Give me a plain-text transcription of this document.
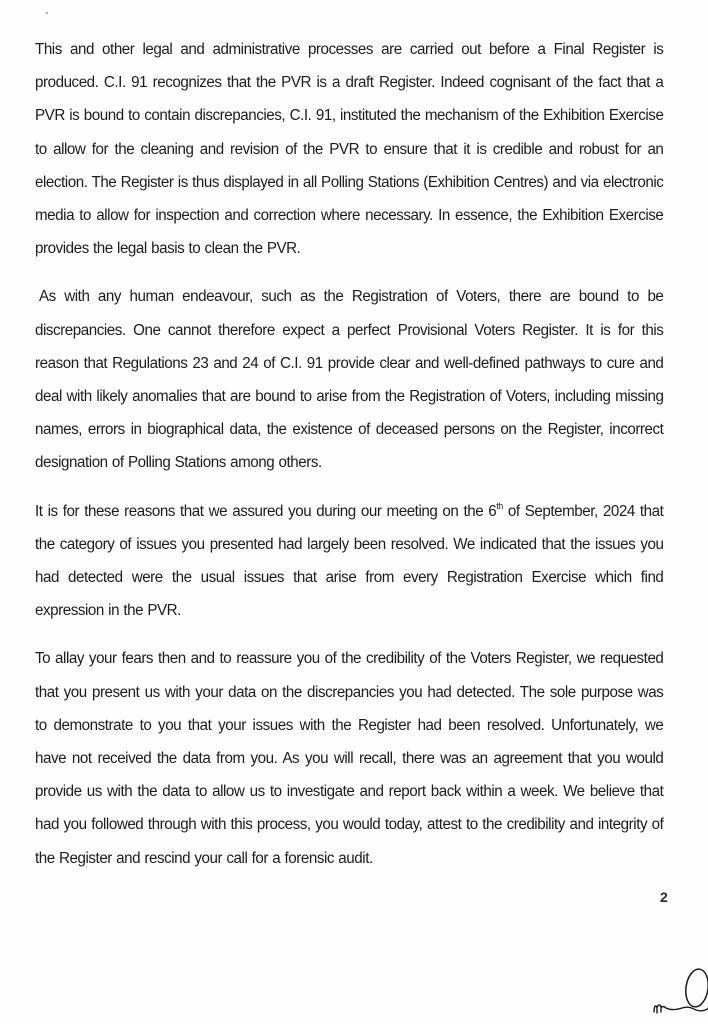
This and other legal and administrative processes are carried out before a Final Register is produced. C.I. 91 recognizes that the PVR is a draft Register. Indeed cognisant of the fact that a PVR is bound to contain discrepancies, C.I. 91, instituted the mechanism of the Exhibition Exercise to allow for the cleaning and revision of the PVR to ensure that it is credible and robust for an election. The Register is thus displayed in all Polling Stations (Exhibition Centres) and via electronic media to allow for inspection and correction where necessary. In essence, the Exhibition Exercise provides the legal basis to clean the PVR.

As with any human endeavour, such as the Registration of Voters, there are bound to be discrepancies. One cannot therefore expect a perfect Provisional Voters Register. It is for this reason that Regulations 23 and 24 of C.I. 91 provide clear and well-defined pathways to cure and deal with likely anomalies that are bound to arise from the Registration of Voters, including missing names, errors in biographical data, the existence of deceased persons on the Register, incorrect designation of Polling Stations among others.

It is for these reasons that we assured you during our meeting on the 6th of September, 2024 that the category of issues you presented had largely been resolved. We indicated that the issues you had detected were the usual issues that arise from every Registration Exercise which find expression in the PVR.

To allay your fears then and to reassure you of the credibility of the Voters Register, we requested that you present us with your data on the discrepancies you had detected. The sole purpose was to demonstrate to you that your issues with the Register had been resolved. Unfortunately, we have not received the data from you. As you will recall, there was an agreement that you would provide us with the data to allow us to investigate and report back within a week. We believe that had you followed through with this process, you would today, attest to the credibility and integrity of the Register and rescind your call for a forensic audit.

2
